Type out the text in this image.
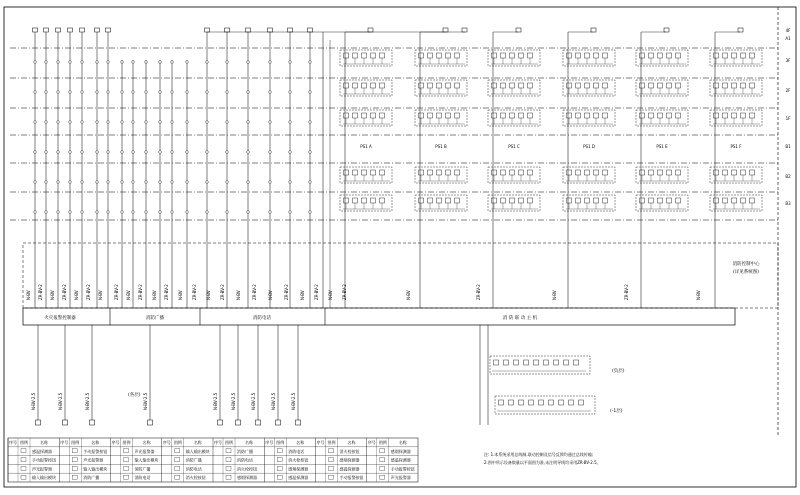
4F
3F
2F
1F
B1
B2
B3
A1
PS1 A	PS1 B	PS1 C	PS1 D	PS1 E	PS1 F
消防控制中心
(详见系统图)
N-BV ZR-BV-2 N-BV ZR-BV-2 N-BV ZR-BV-2 N-BV	ZR-BV-2 N-BV ZR-BV-2 N-BV ZR-BV-2 N-BV ZR-BV-2 N-BV ZR-BV-2	N-BV	ZR-BV-2	N-BV	ZR-BV-2	N-BV ZR-BV-2 N-BV ZR-BV-2	N-BV	ZR-BV-2	N-BV	ZR-BV-2	N-BV
火灾报警控制器	消防广播	消防电话	消 防 联 动 主 机
N-BV-2.5	N-BV-2.5	N-BV-2.5	N-BV-2.5	N-BV-2.5	N-BV-2.5	N-BV-2.5	N-BV-2.5	N-BV-2.5
(各层)
(负层)
(-1层)
序号 图例	名称
感温探测器
手动报警按钮
声光报警器
输入输出模块
序号 图例	名称
手动报警按钮
声光报警器
输入输出模块
消防广播
序号 图例	名称
声光报警器
输入输出模块
消防广播
消防电话
序号 图例	名称
输入输出模块
消防广播
消防电话
消火栓按钮
序号 图例	名称
消防广播
消防电话
消火栓按钮
感烟探测器
序号 图例	名称
消防电话
消火栓按钮
感烟探测器
感温探测器
序号 图例	名称
消火栓按钮
感烟探测器
感温探测器
手动报警按钮
序号 图例	名称
感烟探测器
感温探测器
手动报警按钮
声光报警器
注: 1.本系统采用总线制,联动控制及信号反馈均通过总线传输;
2.图中所示设备数量以平面图为准,未注明导线均采用ZR-BV-2.5。
